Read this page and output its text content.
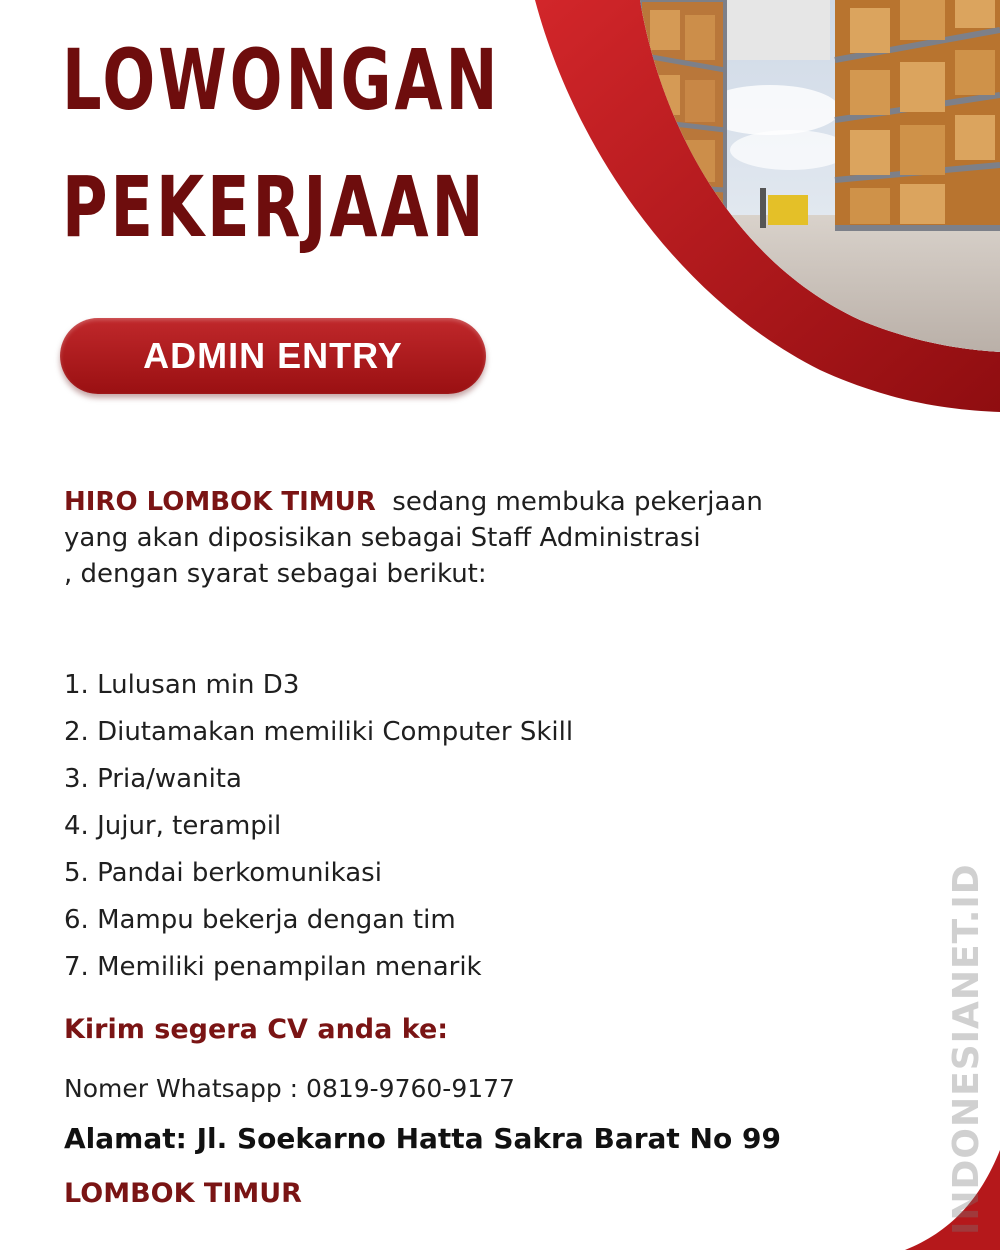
LOWONGAN
PEKERJAAN
ADMIN ENTRY
HIRO LOMBOK TIMUR sedang membuka pekerjaan
yang akan diposisikan sebagai Staff Administrasi
, dengan syarat sebagai berikut:
1. Lulusan min D3
2. Diutamakan memiliki Computer Skill
3. Pria/wanita
4. Jujur, terampil
5. Pandai berkomunikasi
6. Mampu bekerja dengan tim
7. Memiliki penampilan menarik
Kirim segera CV anda ke:
Nomer Whatsapp : 0819-9760-9177
Alamat: Jl. Soekarno Hatta Sakra Barat No 99
LOMBOK TIMUR	INDONESIANET.ID
